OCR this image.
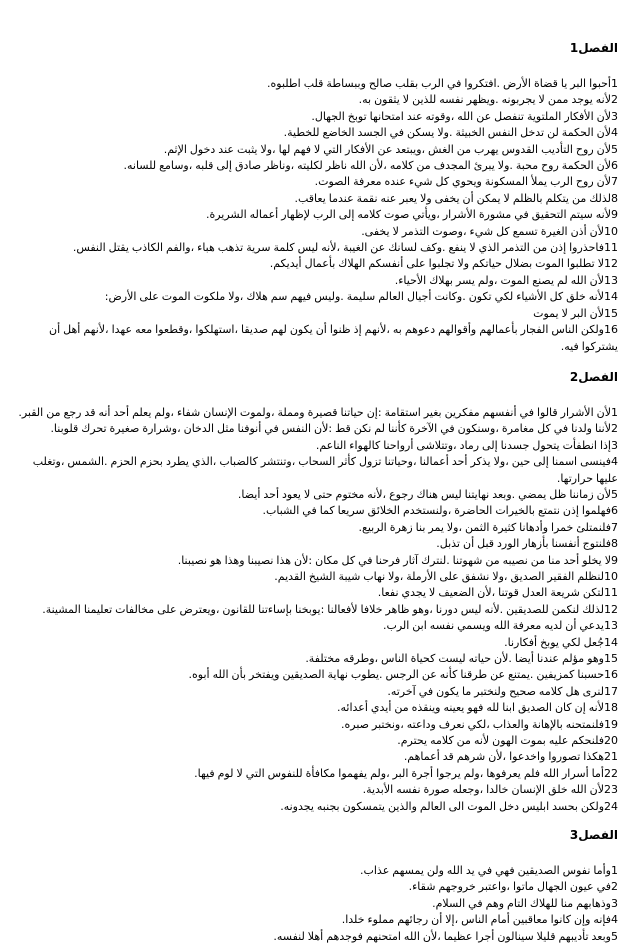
الفصل1
1أحبوا البر يا قضاة الأرض .افتكروا في الرب بقلب صالح وببساطة قلب اطلبوه.
2لأنه يوجد ممن لا يجربونه .ويظهر نفسه للذين لا يثقون به.
3لأن الأفكار الملتوية تنفصل عن الله ،وقوته عند امتحانها توبخ الجهال.
4لأن الحكمة لن تدخل النفس الخبيثة .ولا يسكن في الجسد الخاضع للخطية.
5لأن روح التأديب القدوس يهرب من الغش ،ويبتعد عن الأفكار التي لا فهم لها ،ولا يثبت عند دخول الإثم.
6لأن الحكمة روح محبة .ولا يبرئ المجدف من كلامه ،لأن الله ناظر لكليته ،وناظر صادق إلى قلبه ،وسامع للسانه.
7لأن روح الرب يملأ المسكونة ويحوي كل شيء عنده معرفة الصوت.
8لذلك من يتكلم بالظلم لا يمكن أن يخفى ولا يعبر عنه نقمة عندما يعاقب.
9لأنه سيتم التحقيق في مشورة الأشرار ،ويأتي صوت كلامه إلى الرب لإظهار أعماله الشريرة.
10لأن أذن الغيرة تسمع كل شيء ،وصوت التذمر لا يخفى.
11فاحذروا إذن من التذمر الذي لا ينفع .وكف لسانك عن الغيبة ،لأنه ليس كلمة سرية تذهب هباء ،والفم الكاذب يقتل النفس.
12لا تطلبوا الموت بضلال حياتكم ولا تجلبوا على أنفسكم الهلاك بأعمال أيديكم.
13لأن الله لم يصنع الموت ،ولم يسر بهلاك الأحياء.
14لأنه خلق كل الأشياء لكي تكون .وكانت أجيال العالم سليمة .وليس فيهم سم هلاك ،ولا ملكوت الموت على الأرض:
15لأن البر لا يموت
16ولكن الناس الفجار بأعمالهم وأقوالهم دعوهم به ،لأنهم إذ ظنوا أن يكون لهم صديقا ،استهلكوا ،وقطعوا معه عهدا ،لأنهم أهل أن يشتركوا فيه.
الفصل2
1لأن الأشرار قالوا في أنفسهم مفكرين بغير استقامة :إن حياتنا قصيرة ومملة ،ولموت الإنسان شفاء ،ولم يعلم أحد أنه قد رجع من القبر.
2لأننا ولدنا في كل مغامرة ،وسنكون في الآخرة كأننا لم نكن قط :لأن النفس في أنوفنا مثل الدخان ،وشرارة صغيرة تحرك قلوبنا.
3إذا انطفأت يتحول جسدنا إلى رماد ،وتتلاشى أرواحنا كالهواء الناعم.
4فينسى اسمنا إلى حين ،ولا يذكر أحد أعمالنا ،وحياتنا تزول كأثر السحاب ،وتنتشر كالضباب ،الذي يطرد بحزم الحزم .الشمس ،وتغلب عليها حرارتها.
5لأن زماننا ظل يمضي .وبعد نهايتنا ليس هناك رجوع ،لأنه مختوم حتى لا يعود أحد أيضا.
6فهلموا إذن نتمتع بالخيرات الحاضرة ،ولنستخدم الخلائق سريعا كما في الشباب.
7فلنمتلئ خمرا وأدهانا كثيرة الثمن ،ولا يمر بنا زهرة الربيع.
8فلنتوج أنفسنا بأزهار الورد قبل أن تذبل.
9لا يخلو أحد منا من نصيبه من شهوتنا .لنترك آثار فرحنا في كل مكان :لأن هذا نصيبنا وهذا هو نصيبنا.
10لنظلم الفقير الصديق ،ولا نشفق على الأرملة ،ولا نهاب شيبة الشيخ القديم.
11لتكن شريعة العدل قوتنا ،لأن الضعيف لا يجدي نفعا.
12لذلك لنكمن للصديقين .لأنه ليس دورنا ،وهو ظاهر خلافا لأفعالنا :يوبخنا بإساءتنا للقانون ،ويعترض على مخالفات تعليمنا المشينة.
13يدعي أن لديه معرفة الله ويسمي نفسه ابن الرب.
14جُعل لكي يوبخ أفكارنا.
15وهو مؤلم عندنا أيضا .لأن حياته ليست كحياة الناس ،وطرقه مختلفة.
16حسبنا كمزيفين .يمتنع عن طرقنا كأنه عن الرجس .يطوب نهاية الصديقين ويفتخر بأن الله أبوه.
17لنرى هل كلامه صحيح ولنختبر ما يكون في آخرته.
18لأنه إن كان الصديق ابنا لله فهو يعينه وينقذه من أيدي أعدائه.
19فلنمتحنه بالإهانة والعذاب ،لكي نعرف وداعته ،ونختبر صبره.
20فلنحكم عليه بموت الهون لأنه من كلامه يحترم.
21هكذا تصوروا واخدعوا ،لأن شرهم قد أعماهم.
22أما أسرار الله فلم يعرفوها ،ولم يرجوا أجرة البر ،ولم يفهموا مكافأة للنفوس التي لا لوم فيها.
23لأن الله خلق الإنسان خالدا ،وجعله صورة نفسه الأبدية.
24ولكن بحسد ابليس دخل الموت الى العالم والذين يتمسكون بجنبه يجدونه.
الفصل3
1وأما نفوس الصديقين فهي في يد الله ولن يمسهم عذاب.
2في عيون الجهال ماتوا ،واعتبر خروجهم شقاء.
3وذهابهم منا للهلاك التام وهم في السلام.
4فإنه وإن كانوا معاقبين أمام الناس ،إلا أن رجائهم مملوء خلدا.
5وبعد تأديبهم قليلا سينالون أجرا عظيما ،لأن الله امتحنهم فوجدهم أهلا لنفسه.
